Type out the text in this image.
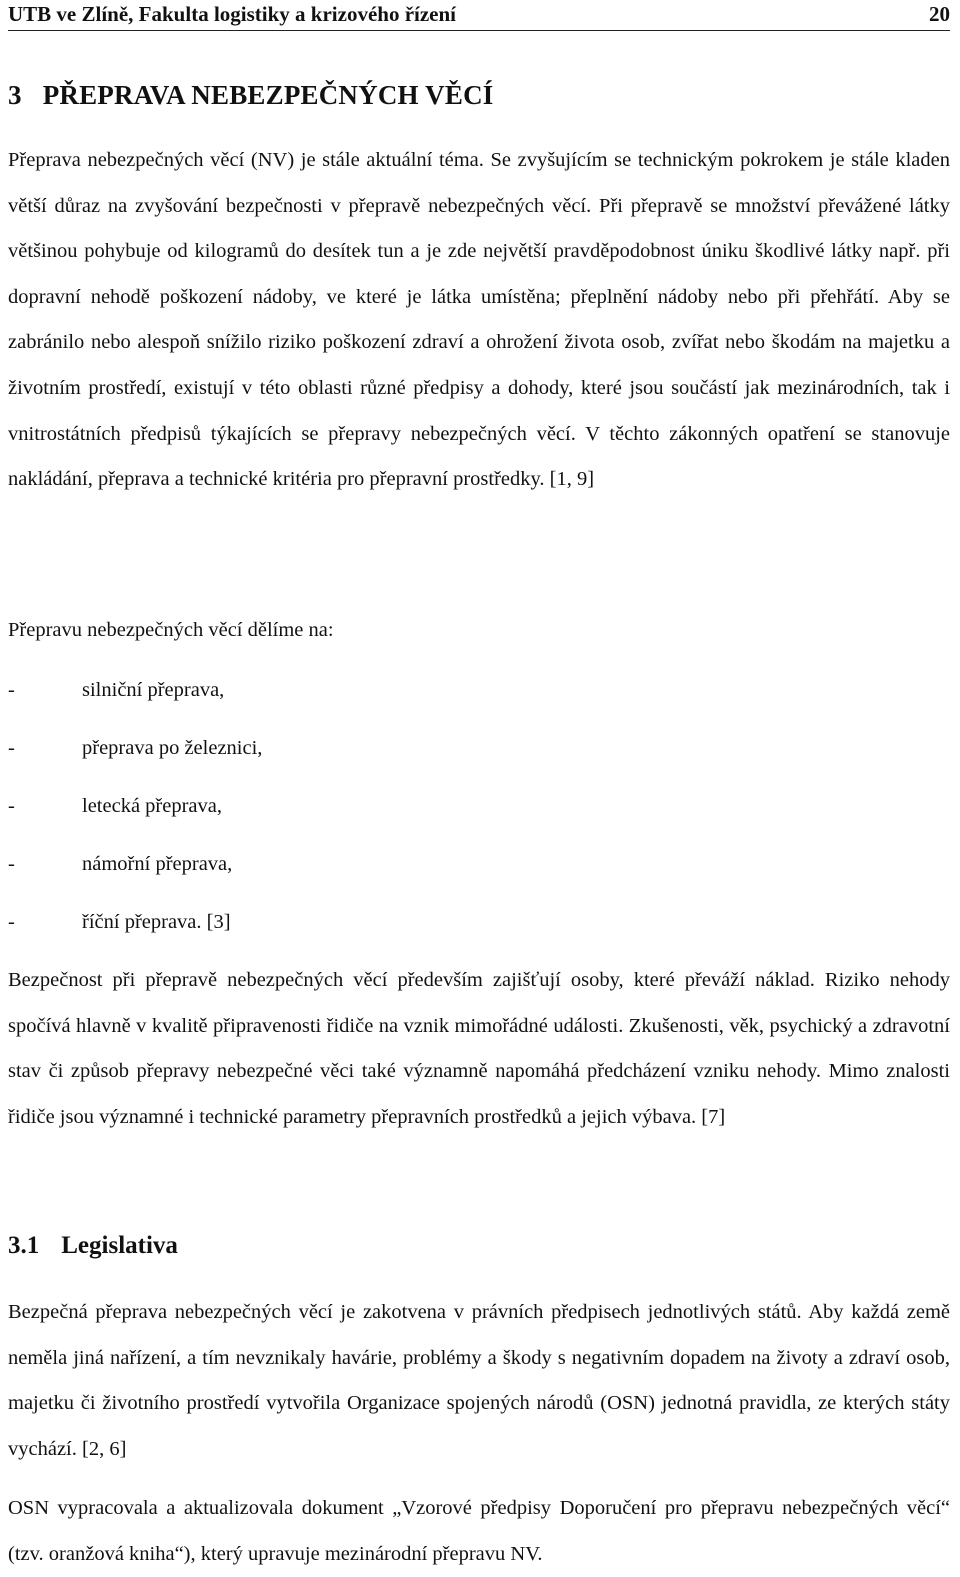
UTB ve Zlíně, Fakulta logistiky a krizového řízení	20
3 PŘEPRAVA NEBEZPEČNÝCH VĚCÍ

Přeprava nebezpečných věcí (NV) je stále aktuální téma. Se zvyšujícím se technickým pokrokem je stále kladen větší důraz na zvyšování bezpečnosti v přepravě nebezpečných věcí. Při přepravě se množství převážené látky většinou pohybuje od kilogramů do desítek tun a je zde největší pravděpodobnost úniku škodlivé látky např. při dopravní nehodě poškození nádoby, ve které je látka umístěna; přeplnění nádoby nebo při přehřátí. Aby se zabránilo nebo alespoň snížilo riziko poškození zdraví a ohrožení života osob, zvířat nebo škodám na majetku a životním prostředí, existují v této oblasti různé předpisy a dohody, které jsou součástí jak mezinárodních, tak i vnitrostátních předpisů týkajících se přepravy nebezpečných věcí. V těchto zákonných opatření se stanovuje nakládání, přeprava a technické kritéria pro přepravní prostředky. [1, 9]

Přepravu nebezpečných věcí dělíme na:

-	silniční přeprava,
-	přeprava po železnici,
-	letecká přeprava,
-	námořní přeprava,
-	říční přeprava. [3]

Bezpečnost při přepravě nebezpečných věcí především zajišťují osoby, které převáží náklad. Riziko nehody spočívá hlavně v kvalitě připravenosti řidiče na vznik mimořádné události. Zkušenosti, věk, psychický a zdravotní stav či způsob přepravy nebezpečné věci také významně napomáhá předcházení vzniku nehody. Mimo znalosti řidiče jsou významné i technické parametry přepravních prostředků a jejich výbava. [7]

3.1 Legislativa

Bezpečná přeprava nebezpečných věcí je zakotvena v právních předpisech jednotlivých států. Aby každá země neměla jiná nařízení, a tím nevznikaly havárie, problémy a škody s negativním dopadem na životy a zdraví osob, majetku či životního prostředí vytvořila Organizace spojených národů (OSN) jednotná pravidla, ze kterých státy vychází. [2, 6]

OSN vypracovala a aktualizovala dokument „Vzorové předpisy Doporučení pro přepravu nebezpečných věcí“ (tzv. oranžová kniha“), který upravuje mezinárodní přepravu NV.
